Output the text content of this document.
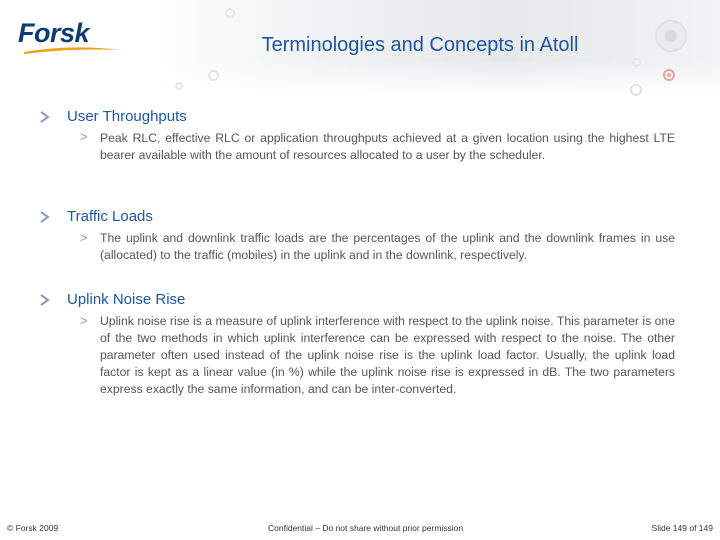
Forsk	Terminologies and Concepts in Atoll
User Throughputs
> Peak RLC, effective RLC or application throughputs achieved at a given location using the highest LTE bearer available with the amount of resources allocated to a user by the scheduler.

Traffic Loads
> The uplink and downlink traffic loads are the percentages of the uplink and the downlink frames in use (allocated) to the traffic (mobiles) in the uplink and in the downlink, respectively.

Uplink Noise Rise
> Uplink noise rise is a measure of uplink interference with respect to the uplink noise. This parameter is one of the two methods in which uplink interference can be expressed with respect to the noise. The other parameter often used instead of the uplink noise rise is the uplink load factor. Usually, the uplink load factor is kept as a linear value (in %) while the uplink noise rise is expressed in dB. The two parameters express exactly the same information, and can be inter-converted.

© Forsk 2009	Confidential – Do not share without prior permission	Slide 149 of 149
